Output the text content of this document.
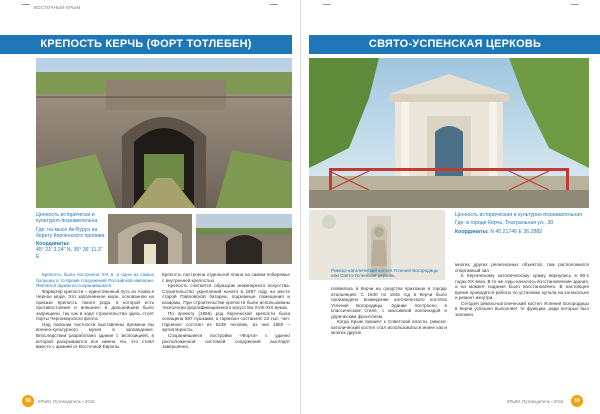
ВОСТОЧНЫЙ КРЫМ
КРЕПОСТЬ КЕРЧЬ (ФОРТ ТОТЛЕБЕН)
Ценность исторически и культурно-познавательна
Где: на мысе Ак-Бурун на берегу Керченского пролива
Координаты:
45° 21' 3.24" N, 36° 36' 11.3" E

Крепость была построена XIX в. и одна из самых больших в то время сооружений Российской империи. Является одним из сохранившихся.

Фарватер крепости – единственный путь из Азова в Черное море. Это заполненное море, основанное на приказе Крепость такого рода, в которой есть противостояние и внешнее: в дальнейшем было запрещено, так как в ходе строительства здесь стоят порты Черноморского флота.

Над поискам частности выставлены времени вы военно-культурного музея в заповеднике. Впоследствии разработано здание с экспозицией, в которой раскрываются все имена тех, кто стоял вместе с армией от Восточной Европы.

Крепость построена отдельной плана на самом побережье с внутренней крепостью.

Крепость считается образцом инженерного искусства. Строительство укреплений начато в 1857 году на месте старой Павловской батареи, подземные помещения и казармы. При строительстве крепости были использованы технологии фортификационного искусства XVIII-XIX веков.

По проекту (1866) род Керченской крепости была оснащена 587 пушками, а гарнизон составлял 22 тыс. чел. Гарнизон состоял из 5238 человек, из них 1860 – артиллеристы.

Сохранившиеся постройки «Форта» с удачно расположенной системой сооружений выглядят завершённо.

58	КРЫМ. Путеводитель • 2016
СВЯТО-УСПЕНСКАЯ ЦЕРКОВЬ
Ценность историческая и культурно-познавательная
Где: в городе Керчь, Театральная ул., 30
Координаты: N 45.21746 E 36.2882
Римско-католический костел Успения Богородицы или Свято-Успенская церковь

появилась в Керчи на средства прихожан в городе итальянцев. С 1840 по 1845 год в Керчи было произведено возведение католического костёла Успения Богородицы. Здание построено в классическом стиле, с массивной колоннадой и дорическим фронтоном.

Когда Крым пришёл к Советской власти, римско-католический костел стал использоваться иначе как и многих других.

многих других религиозных объектов, там расположился спортивный зал.

К Керченскому католическому храму вернулись в 90-х годах XX века. В те же годы началось восстановление здания, а на момент издания было восстановлено. В настоящее время проводятся работы по установке купола на колокольне и ремонт изнутри.

Сегодня римско-католический костел Успения Богородицы в Керчи успешно выполняет те функции, ради которых был заложен.

КРЫМ. Путеводитель • 2016	59
